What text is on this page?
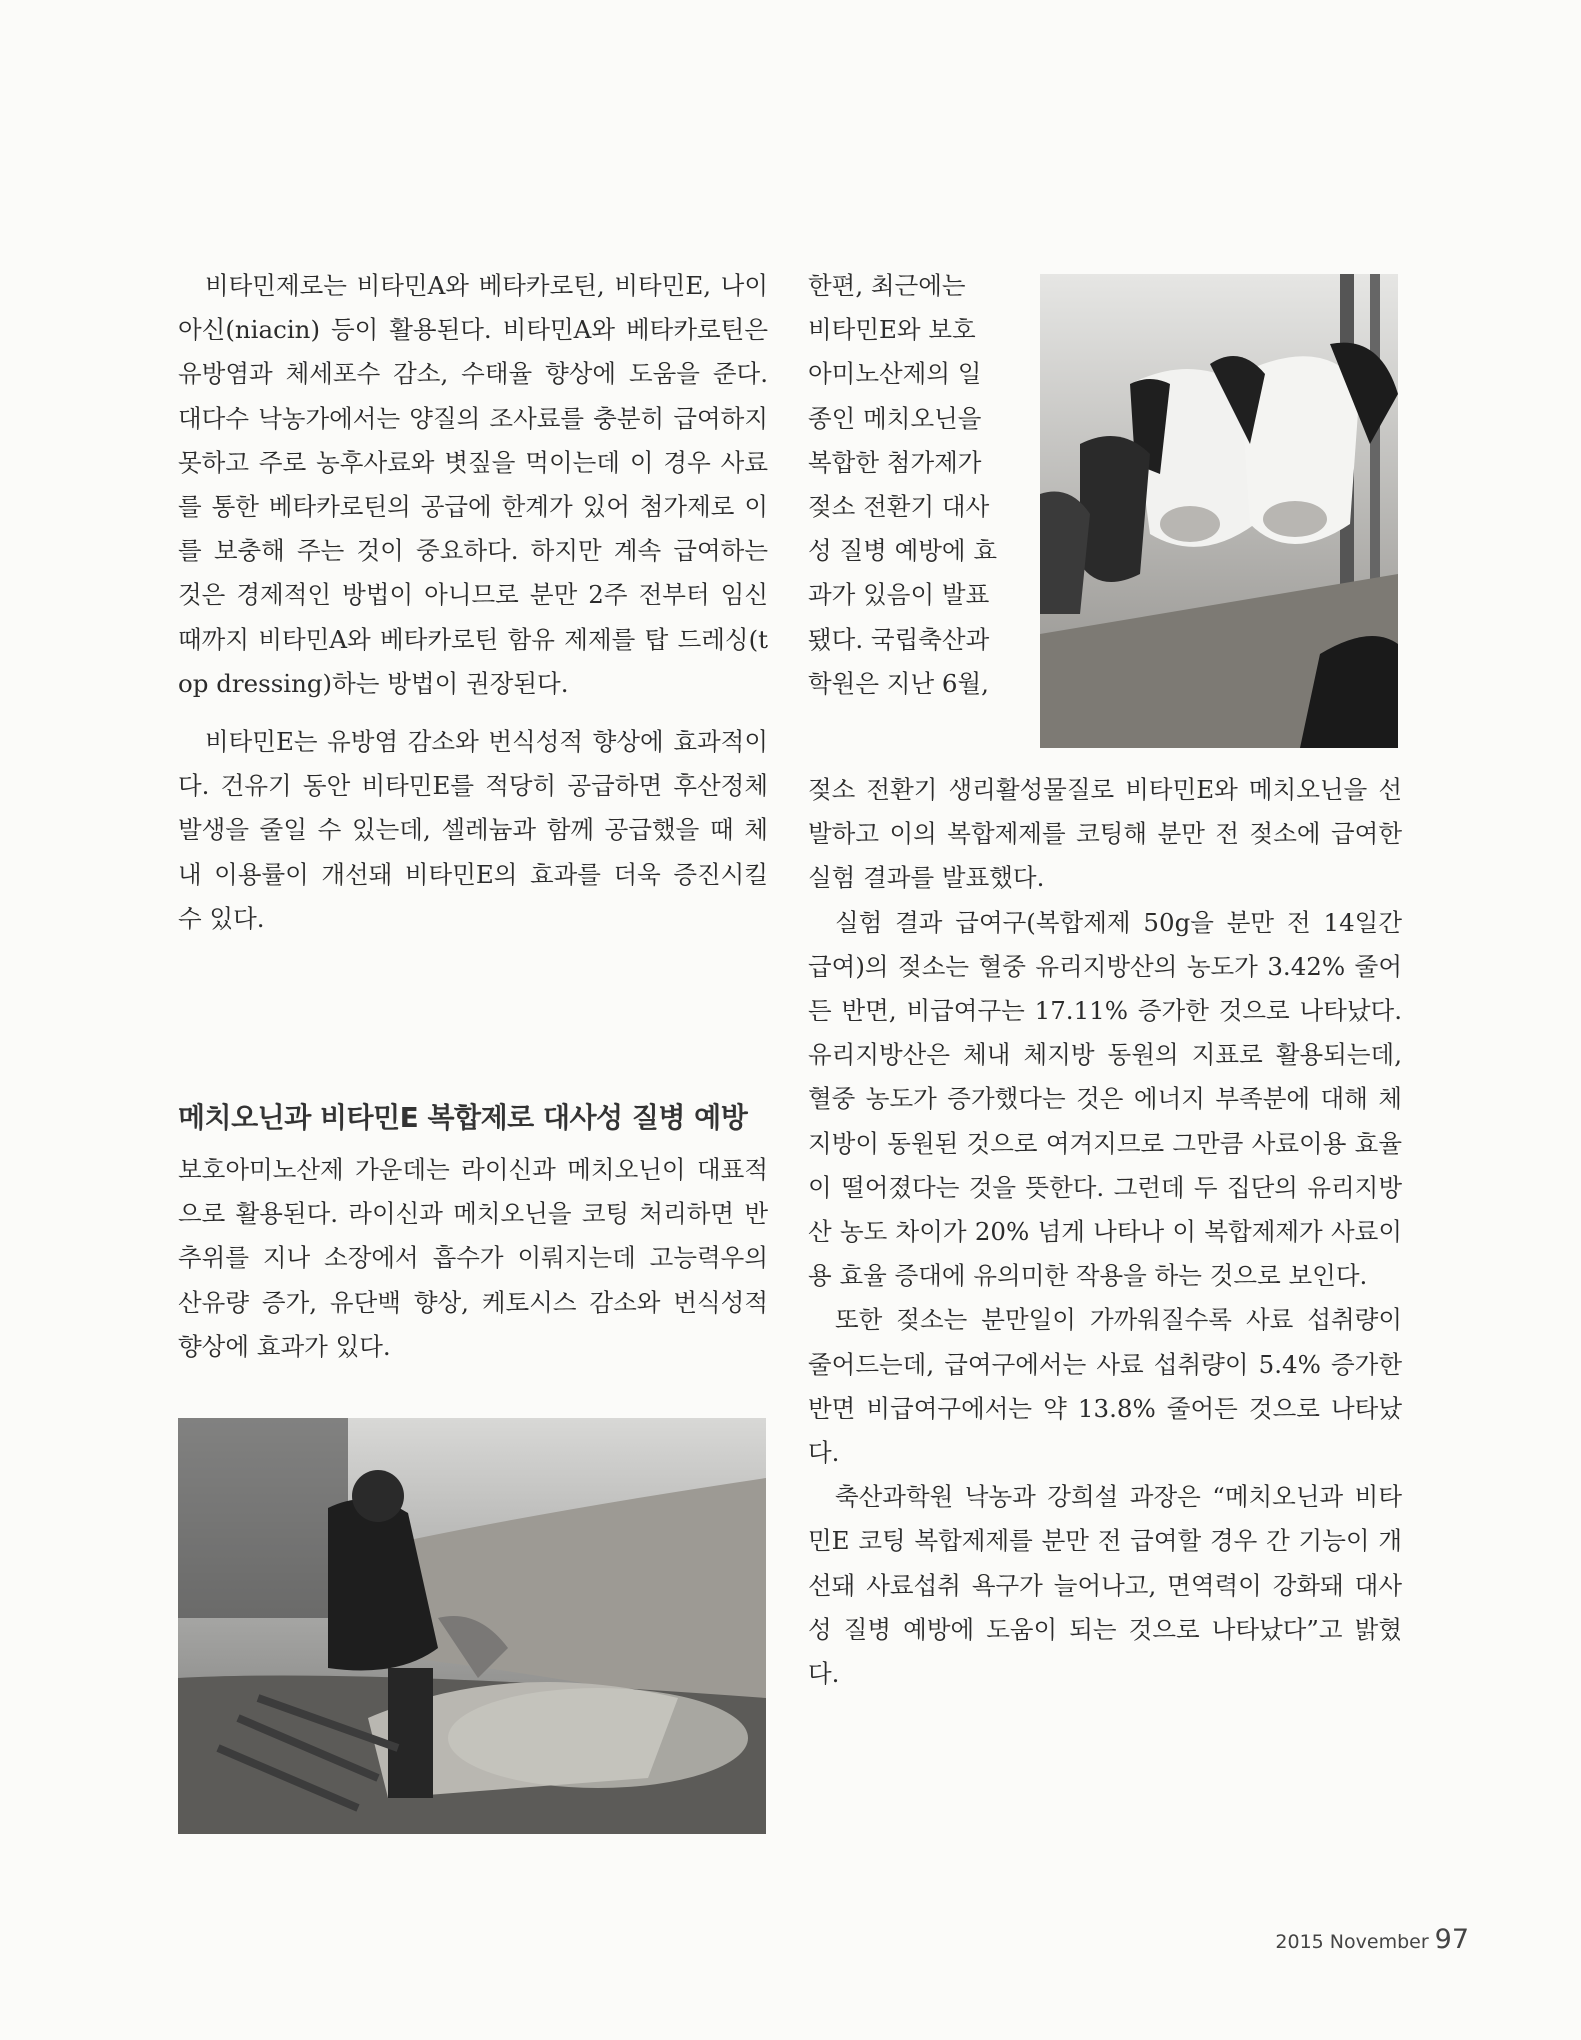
비타민제로는 비타민A와 베타카로틴, 비타민E, 나이아신(niacin) 등이 활용된다. 비타민A와 베타카로틴은 유방염과 체세포수 감소, 수태율 향상에 도움을 준다. 대다수 낙농가에서는 양질의 조사료를 충분히 급여하지 못하고 주로 농후사료와 볏짚을 먹이는데 이 경우 사료를 통한 베타카로틴의 공급에 한계가 있어 첨가제로 이를 보충해 주는 것이 중요하다. 하지만 계속 급여하는 것은 경제적인 방법이 아니므로 분만 2주 전부터 임신 때까지 비타민A와 베타카로틴 함유 제제를 탑 드레싱(top dressing)하는 방법이 권장된다.

비타민E는 유방염 감소와 번식성적 향상에 효과적이다. 건유기 동안 비타민E를 적당히 공급하면 후산정체 발생을 줄일 수 있는데, 셀레늄과 함께 공급했을 때 체내 이용률이 개선돼 비타민E의 효과를 더욱 증진시킬 수 있다.

메치오닌과 비타민E 복합제로 대사성 질병 예방

보호아미노산제 가운데는 라이신과 메치오닌이 대표적으로 활용된다. 라이신과 메치오닌을 코팅 처리하면 반추위를 지나 소장에서 흡수가 이뤄지는데 고능력우의 산유량 증가, 유단백 향상, 케토시스 감소와 번식성적 향상에 효과가 있다.

한편, 최근에는

비타민E와 보호

아미노산제의 일

종인 메치오닌을

복합한 첨가제가

젖소 전환기 대사

성 질병 예방에 효

과가 있음이 발표

됐다. 국립축산과

학원은 지난 6월,

젖소 전환기 생리활성물질로 비타민E와 메치오닌을 선발하고 이의 복합제제를 코팅해 분만 전 젖소에 급여한 실험 결과를 발표했다.

실험 결과 급여구(복합제제 50g을 분만 전 14일간 급여)의 젖소는 혈중 유리지방산의 농도가 3.42% 줄어든 반면, 비급여구는 17.11% 증가한 것으로 나타났다. 유리지방산은 체내 체지방 동원의 지표로 활용되는데, 혈중 농도가 증가했다는 것은 에너지 부족분에 대해 체지방이 동원된 것으로 여겨지므로 그만큼 사료이용 효율이 떨어졌다는 것을 뜻한다. 그런데 두 집단의 유리지방산 농도 차이가 20% 넘게 나타나 이 복합제제가 사료이용 효율 증대에 유의미한 작용을 하는 것으로 보인다.

또한 젖소는 분만일이 가까워질수록 사료 섭취량이 줄어드는데, 급여구에서는 사료 섭취량이 5.4% 증가한 반면 비급여구에서는 약 13.8% 줄어든 것으로 나타났다.

축산과학원 낙농과 강희설 과장은 “메치오닌과 비타민E 코팅 복합제제를 분만 전 급여할 경우 간 기능이 개선돼 사료섭취 욕구가 늘어나고, 면역력이 강화돼 대사성 질병 예방에 도움이 되는 것으로 나타났다”고 밝혔다.

2015 November 97
